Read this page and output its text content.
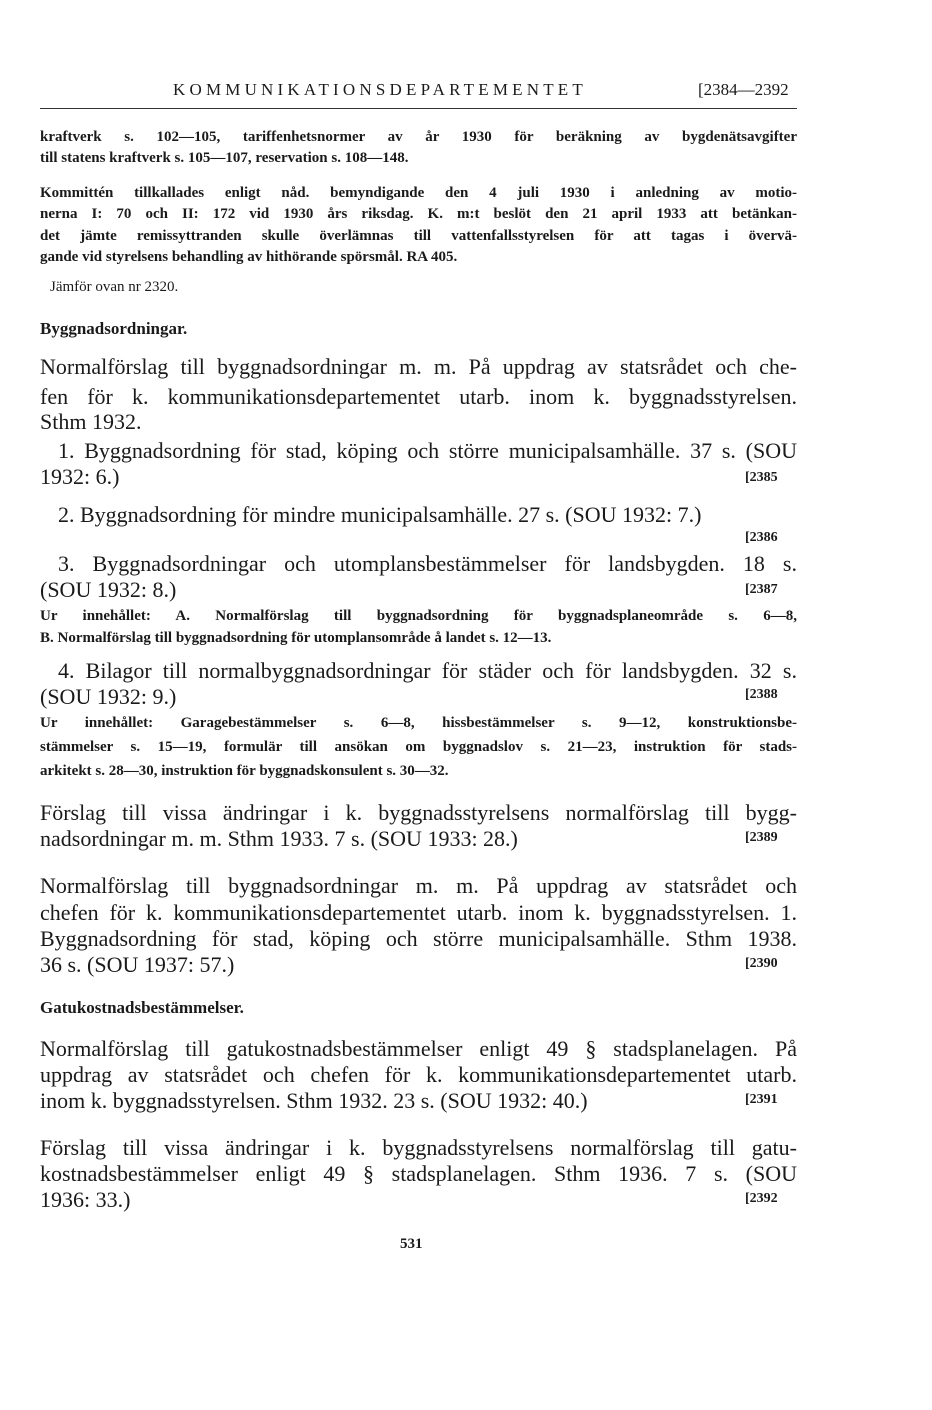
KOMMUNIKATIONSDEPARTEMENTET	[2384—2392
kraftverk s. 102—105, tariffenhetsnormer av år 1930 för beräkning av bygdenätsavgifter
till statens kraftverk s. 105—107, reservation s. 108—148.
Kommittén tillkallades enligt nåd. bemyndigande den 4 juli 1930 i anledning av motio-
nerna I: 70 och II: 172 vid 1930 års riksdag. K. m:t beslöt den 21 april 1933 att betänkan-
det jämte remissyttranden skulle överlämnas till vattenfallsstyrelsen för att tagas i övervä-
gande vid styrelsens behandling av hithörande spörsmål. RA 405.
Jämför ovan nr 2320.
Byggnadsordningar.
Normalförslag till byggnadsordningar m. m. På uppdrag av statsrådet och che-
fen för k. kommunikationsdepartementet utarb. inom k. byggnadsstyrelsen.
Sthm 1932.
1. Byggnadsordning för stad, köping och större municipalsamhälle. 37 s. (SOU
1932: 6.)	[2385
2. Byggnadsordning för mindre municipalsamhälle. 27 s. (SOU 1932: 7.)
[2386
3. Byggnadsordningar och utomplansbestämmelser för landsbygden. 18 s.
(SOU 1932: 8.)	[2387
Ur innehållet: A. Normalförslag till byggnadsordning för byggnadsplaneområde s. 6—8,
B. Normalförslag till byggnadsordning för utomplansområde å landet s. 12—13.
4. Bilagor till normalbyggnadsordningar för städer och för landsbygden. 32 s.
(SOU 1932: 9.)	[2388
Ur innehållet: Garagebestämmelser s. 6—8, hissbestämmelser s. 9—12, konstruktionsbe-
stämmelser s. 15—19, formulär till ansökan om byggnadslov s. 21—23, instruktion för stads-
arkitekt s. 28—30, instruktion för byggnadskonsulent s. 30—32.
Förslag till vissa ändringar i k. byggnadsstyrelsens normalförslag till bygg-
nadsordningar m. m. Sthm 1933. 7 s. (SOU 1933: 28.)	[2389
Normalförslag till byggnadsordningar m. m. På uppdrag av statsrådet och
chefen för k. kommunikationsdepartementet utarb. inom k. byggnadsstyrelsen. 1.
Byggnadsordning för stad, köping och större municipalsamhälle. Sthm 1938.
36 s. (SOU 1937: 57.)	[2390
Gatukostnadsbestämmelser.
Normalförslag till gatukostnadsbestämmelser enligt 49 § stadsplanelagen. På
uppdrag av statsrådet och chefen för k. kommunikationsdepartementet utarb.
inom k. byggnadsstyrelsen. Sthm 1932. 23 s. (SOU 1932: 40.)	[2391
Förslag till vissa ändringar i k. byggnadsstyrelsens normalförslag till gatu-
kostnadsbestämmelser enligt 49 § stadsplanelagen. Sthm 1936. 7 s. (SOU
1936: 33.)	[2392
531
